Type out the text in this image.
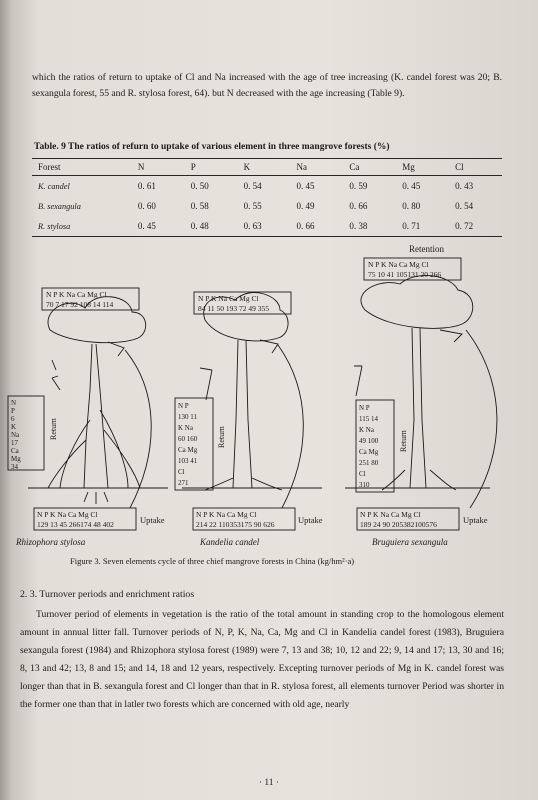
which the ratios of return to uptake of Cl and Na increased with the age of tree increasing (K. candel forest was 20; B. sexangula forest, 55 and R. stylosa forest, 64). but N decreased with the age increasing (Table 9).

Table. 9 The ratios of refurn to uptake of various element in three mangrove forests (%)
Forest	N	P	K	Na	Ca	Mg	Cl
K. candel	0. 61	0. 50	0. 54	0. 45	0. 59	0. 45	0. 43
B. sexangula	0. 60	0. 58	0. 55	0. 49	0. 66	0. 80	0. 54
R. stylosa	0. 45	0. 48	0. 63	0. 66	0. 38	0. 71	0. 72
Retention
N P K Na Ca Mg Cl
70 7 17 92 108 14 114
N P K Na Ca Mg Cl
84 11 50 193 72 49 355
N P K Na Ca Mg Cl
75 10 41 105131 20 266
N
P
6
K
Na
17
Ca
Mg
34
N P
130 11
K Na
60 160
Ca Mg
103 41
Cl
271
N P
115 14
K Na
49 100
Ca Mg
251 80
Cl
310
Return	Return	Return
N P K Na Ca Mg Cl
129 13 45 266174 48 402
N P K Na Ca Mg Cl
214 22 110353175 90 626
N P K Na Ca Mg Cl
189 24 90 205382100576
Uptake	Uptake	Uptake
Rhizophora stylosa	Kandelia candel	Bruguiera sexangula
Figure 3. Seven elements cycle of three chief mangrove forests in China (kg/hm²·a)
2. 3. Turnover periods and enrichment ratios

Turnover period of elements in vegetation is the ratio of the total amount in standing crop to the homologous element amount in annual litter fall. Turnover periods of N, P, K, Na, Ca, Mg and Cl in Kandelia candel forest (1983), Bruguiera sexangula forest (1984) and Rhizophora stylosa forest (1989) were 7, 13 and 38; 10, 12 and 22; 9, 14 and 17; 13, 30 and 16; 8, 13 and 42; 13, 8 and 15; and 14, 18 and 12 years, respectively. Excepting turnover periods of Mg in K. candel forest was longer than that in B. sexangula forest and Cl longer than that in R. stylosa forest, all elements turnover Period was shorter in the former one than that in latler two forests which are concerned with old age, nearly

· 11 ·
